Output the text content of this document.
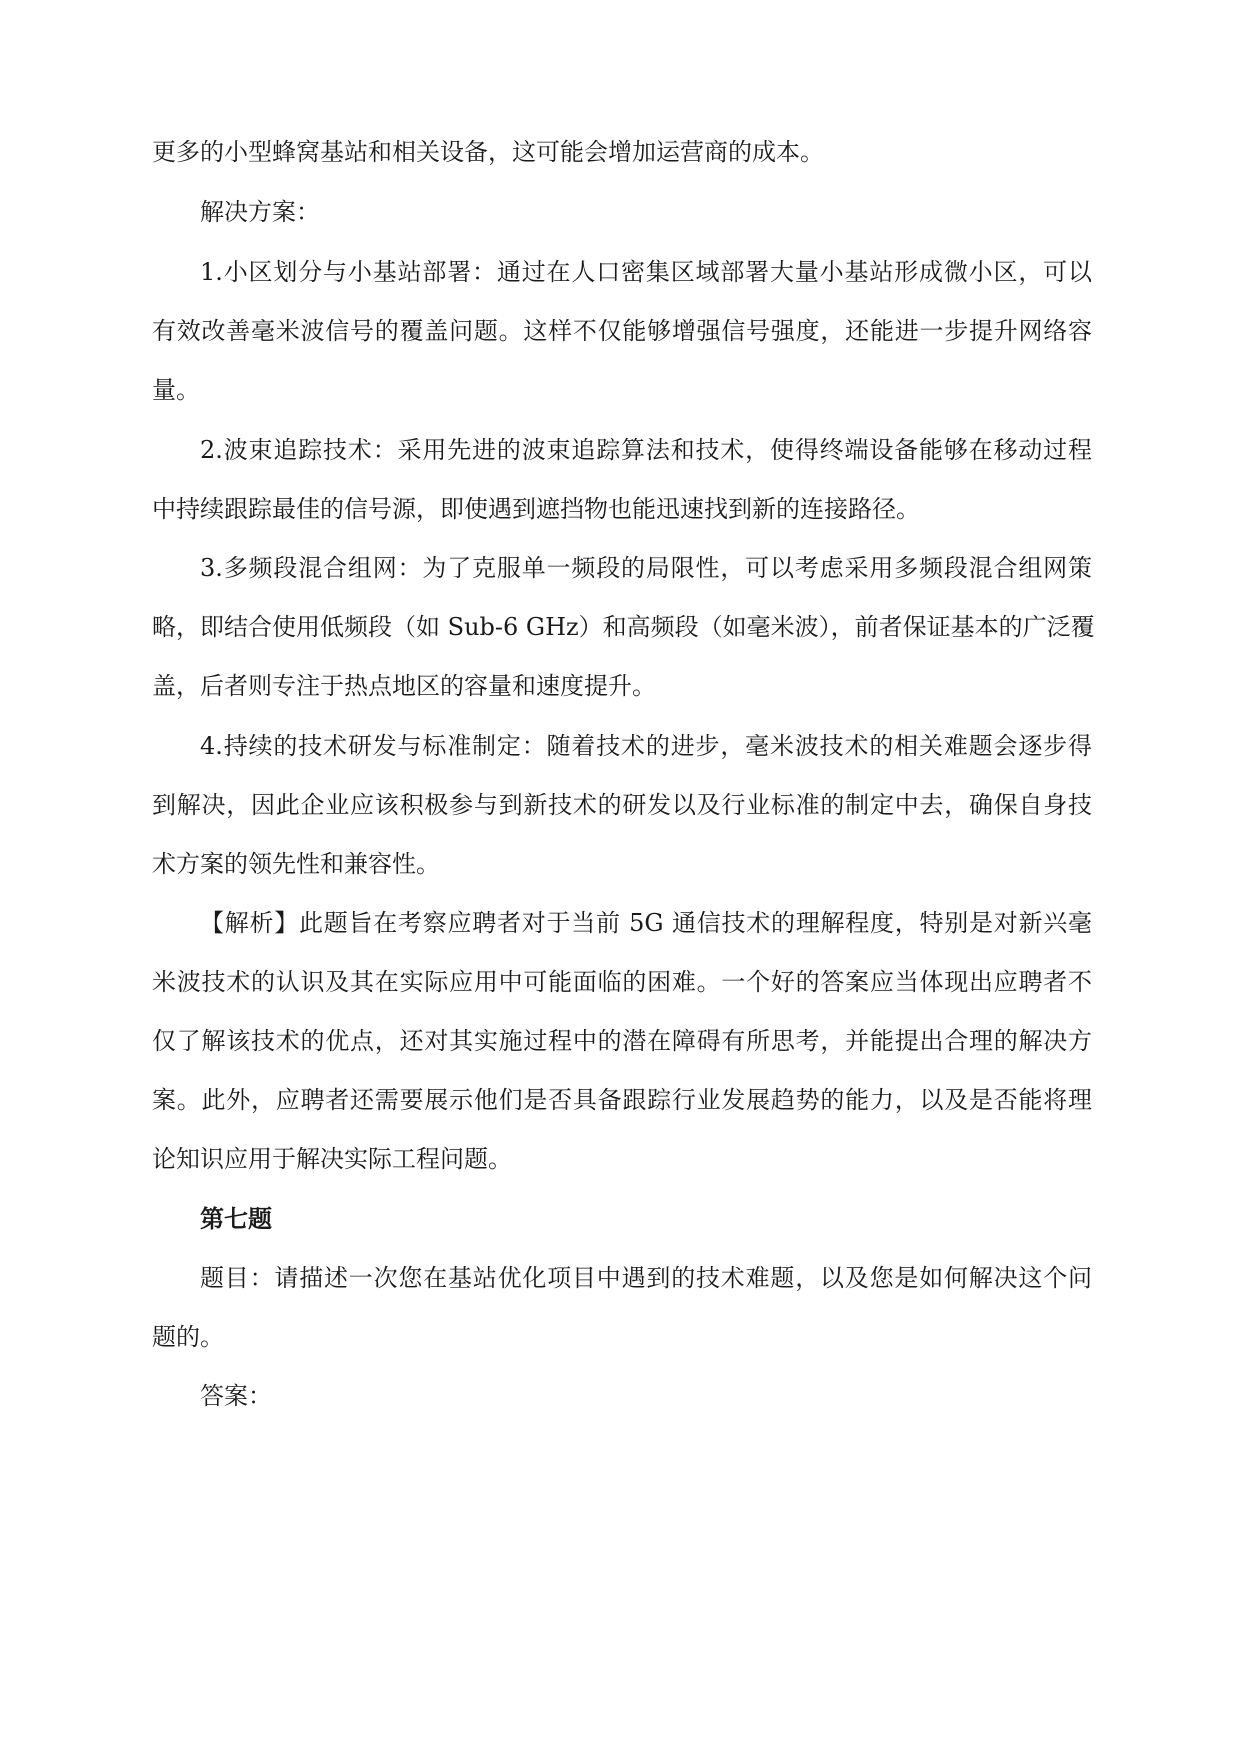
更多的小型蜂窝基站和相关设备，这可能会增加运营商的成本。

解决方案：

1.小区划分与小基站部署：通过在人口密集区域部署大量小基站形成微小区，可以

有效改善毫米波信号的覆盖问题。这样不仅能够增强信号强度，还能进一步提升网络容

量。

2.波束追踪技术：采用先进的波束追踪算法和技术，使得终端设备能够在移动过程

中持续跟踪最佳的信号源，即使遇到遮挡物也能迅速找到新的连接路径。

3.多频段混合组网：为了克服单一频段的局限性，可以考虑采用多频段混合组网策

略，即结合使用低频段（如 Sub-6 GHz）和高频段（如毫米波），前者保证基本的广泛覆

盖，后者则专注于热点地区的容量和速度提升。

4.持续的技术研发与标准制定：随着技术的进步，毫米波技术的相关难题会逐步得

到解决，因此企业应该积极参与到新技术的研发以及行业标准的制定中去，确保自身技

术方案的领先性和兼容性。

【解析】此题旨在考察应聘者对于当前 5G 通信技术的理解程度，特别是对新兴毫

米波技术的认识及其在实际应用中可能面临的困难。一个好的答案应当体现出应聘者不

仅了解该技术的优点，还对其实施过程中的潜在障碍有所思考，并能提出合理的解决方

案。此外，应聘者还需要展示他们是否具备跟踪行业发展趋势的能力，以及是否能将理

论知识应用于解决实际工程问题。

第七题

题目：请描述一次您在基站优化项目中遇到的技术难题，以及您是如何解决这个问

题的。

答案：
